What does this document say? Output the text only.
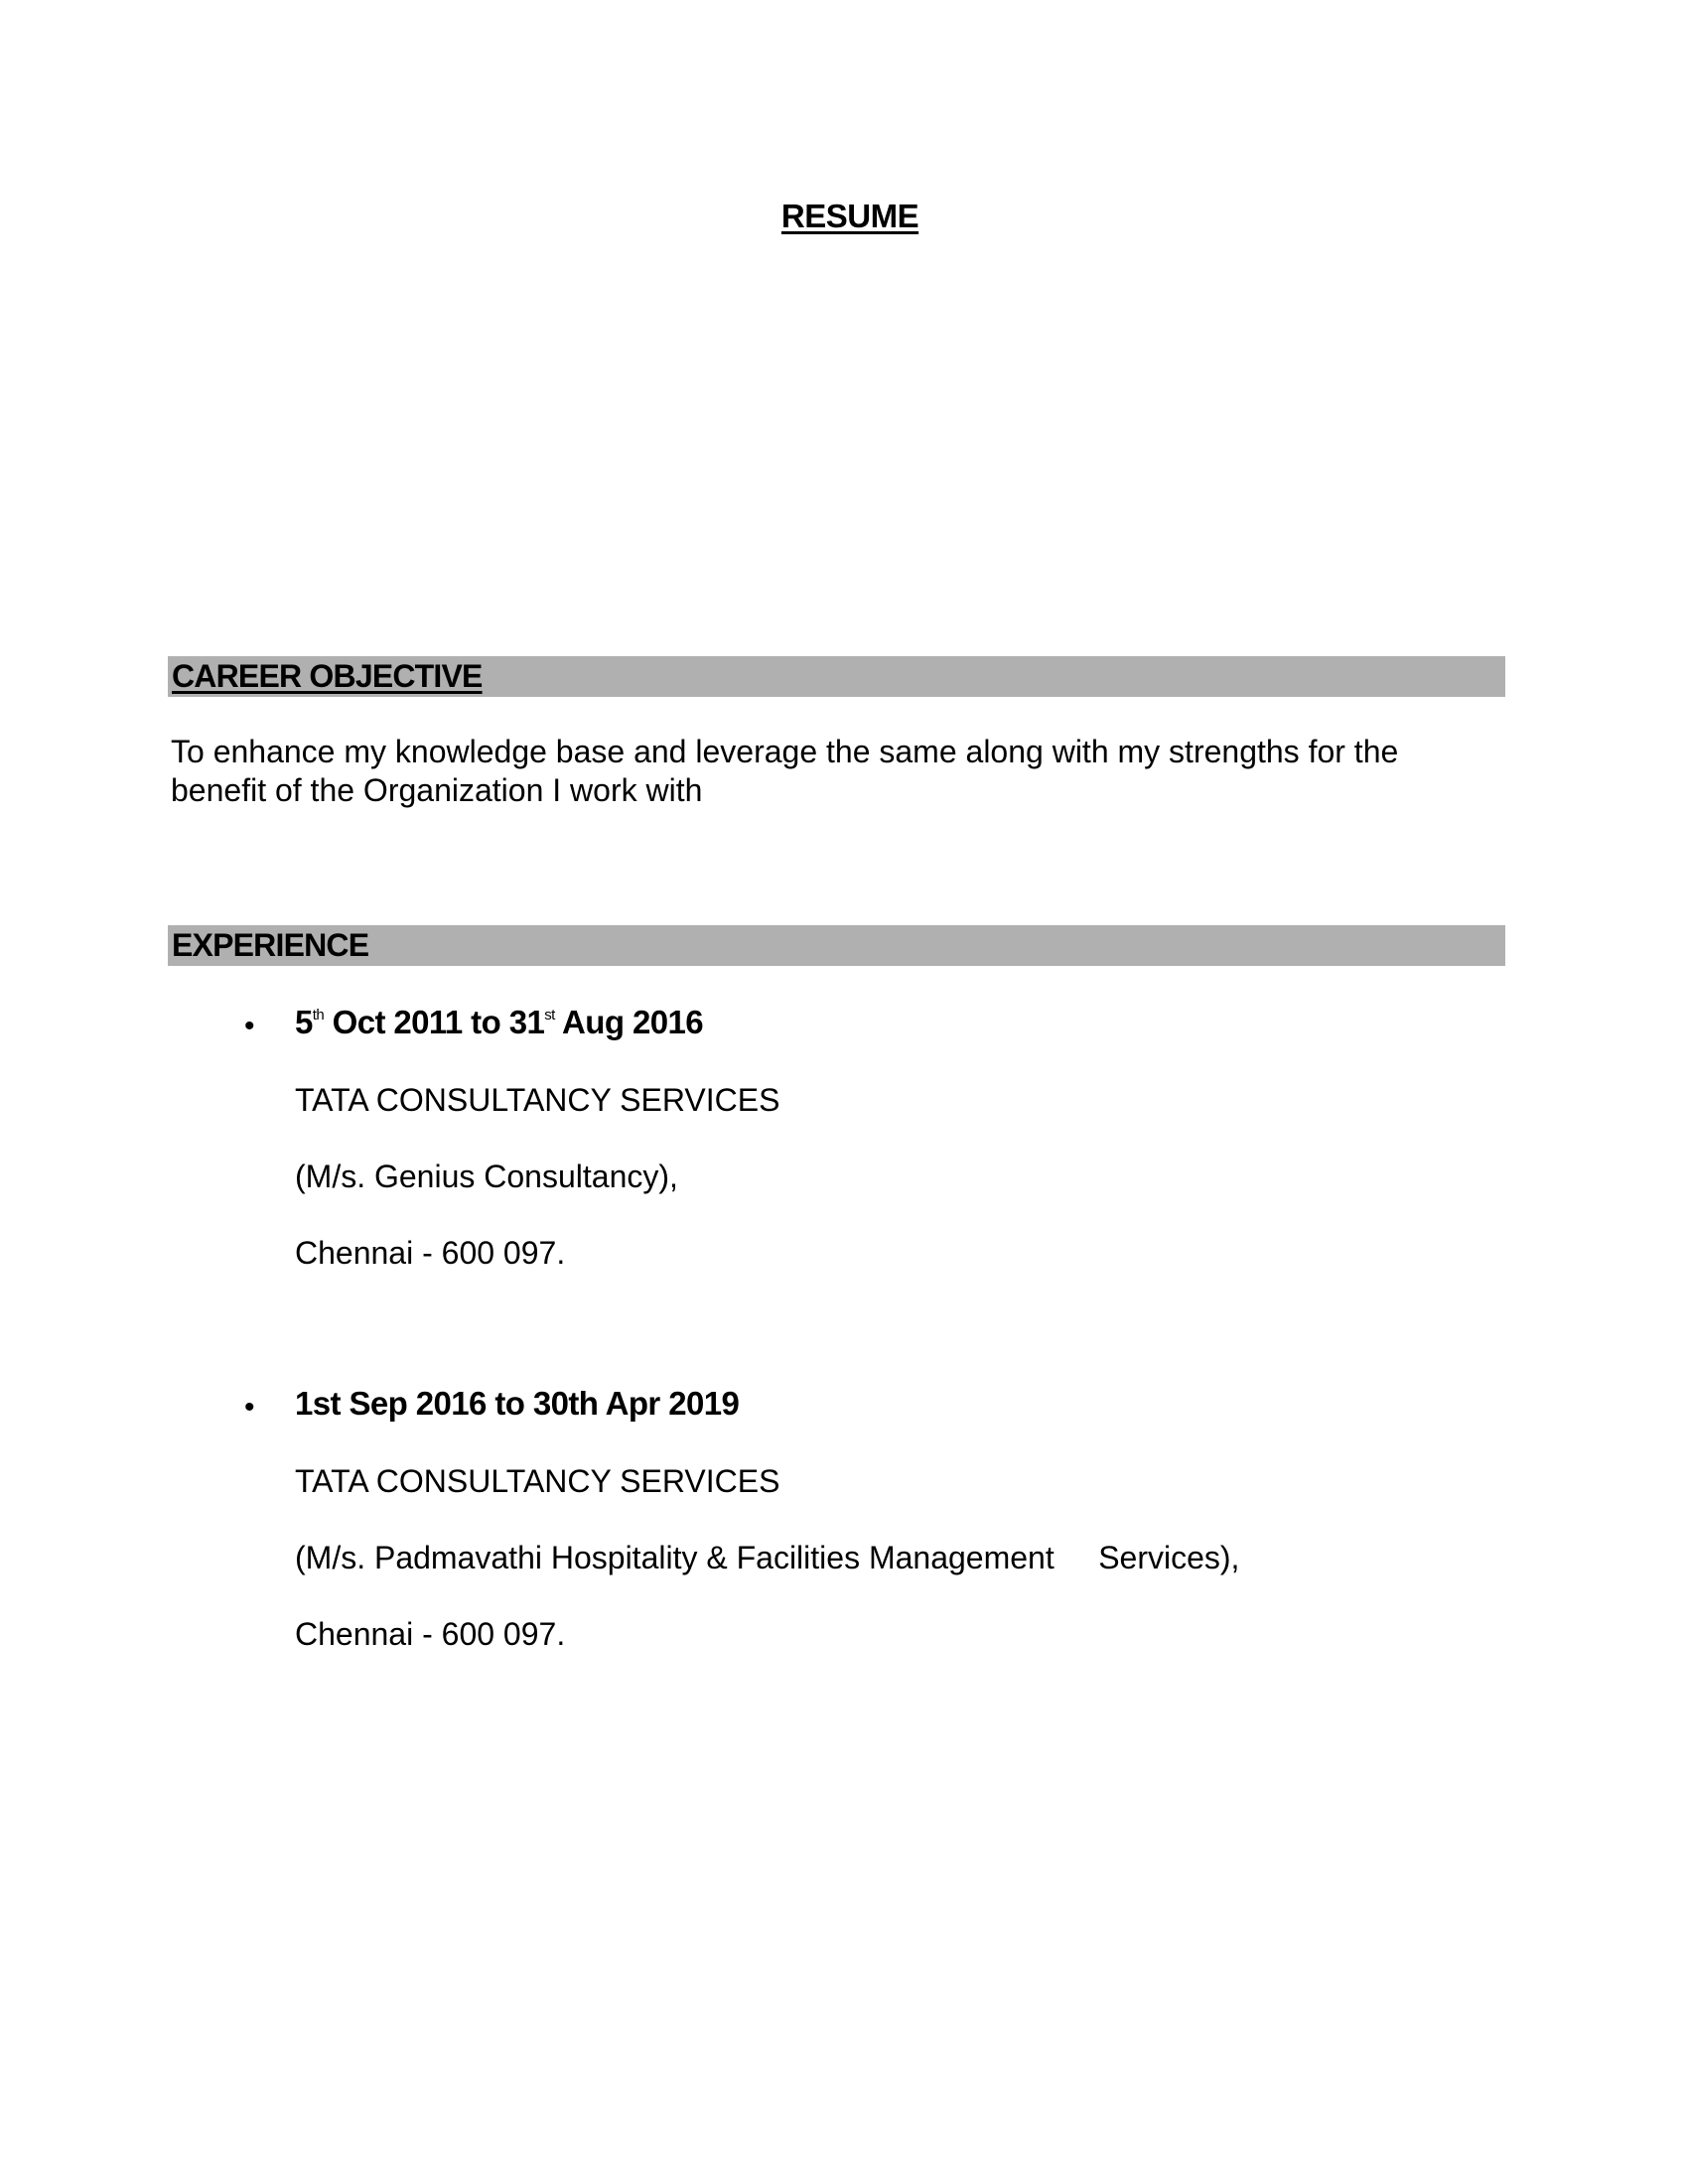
RESUME
CAREER OBJECTIVE
To enhance my knowledge base and leverage the same along with my strengths for the benefit of the Organization I work with
EXPERIENCE
• 5th Oct 2011 to 31st Aug 2016
TATA CONSULTANCY SERVICES
(M/s. Genius Consultancy),
Chennai - 600 097.
• 1st Sep 2016 to 30th Apr 2019
TATA CONSULTANCY SERVICES
(M/s. Padmavathi Hospitality & Facilities Management     Services),
Chennai - 600 097.
